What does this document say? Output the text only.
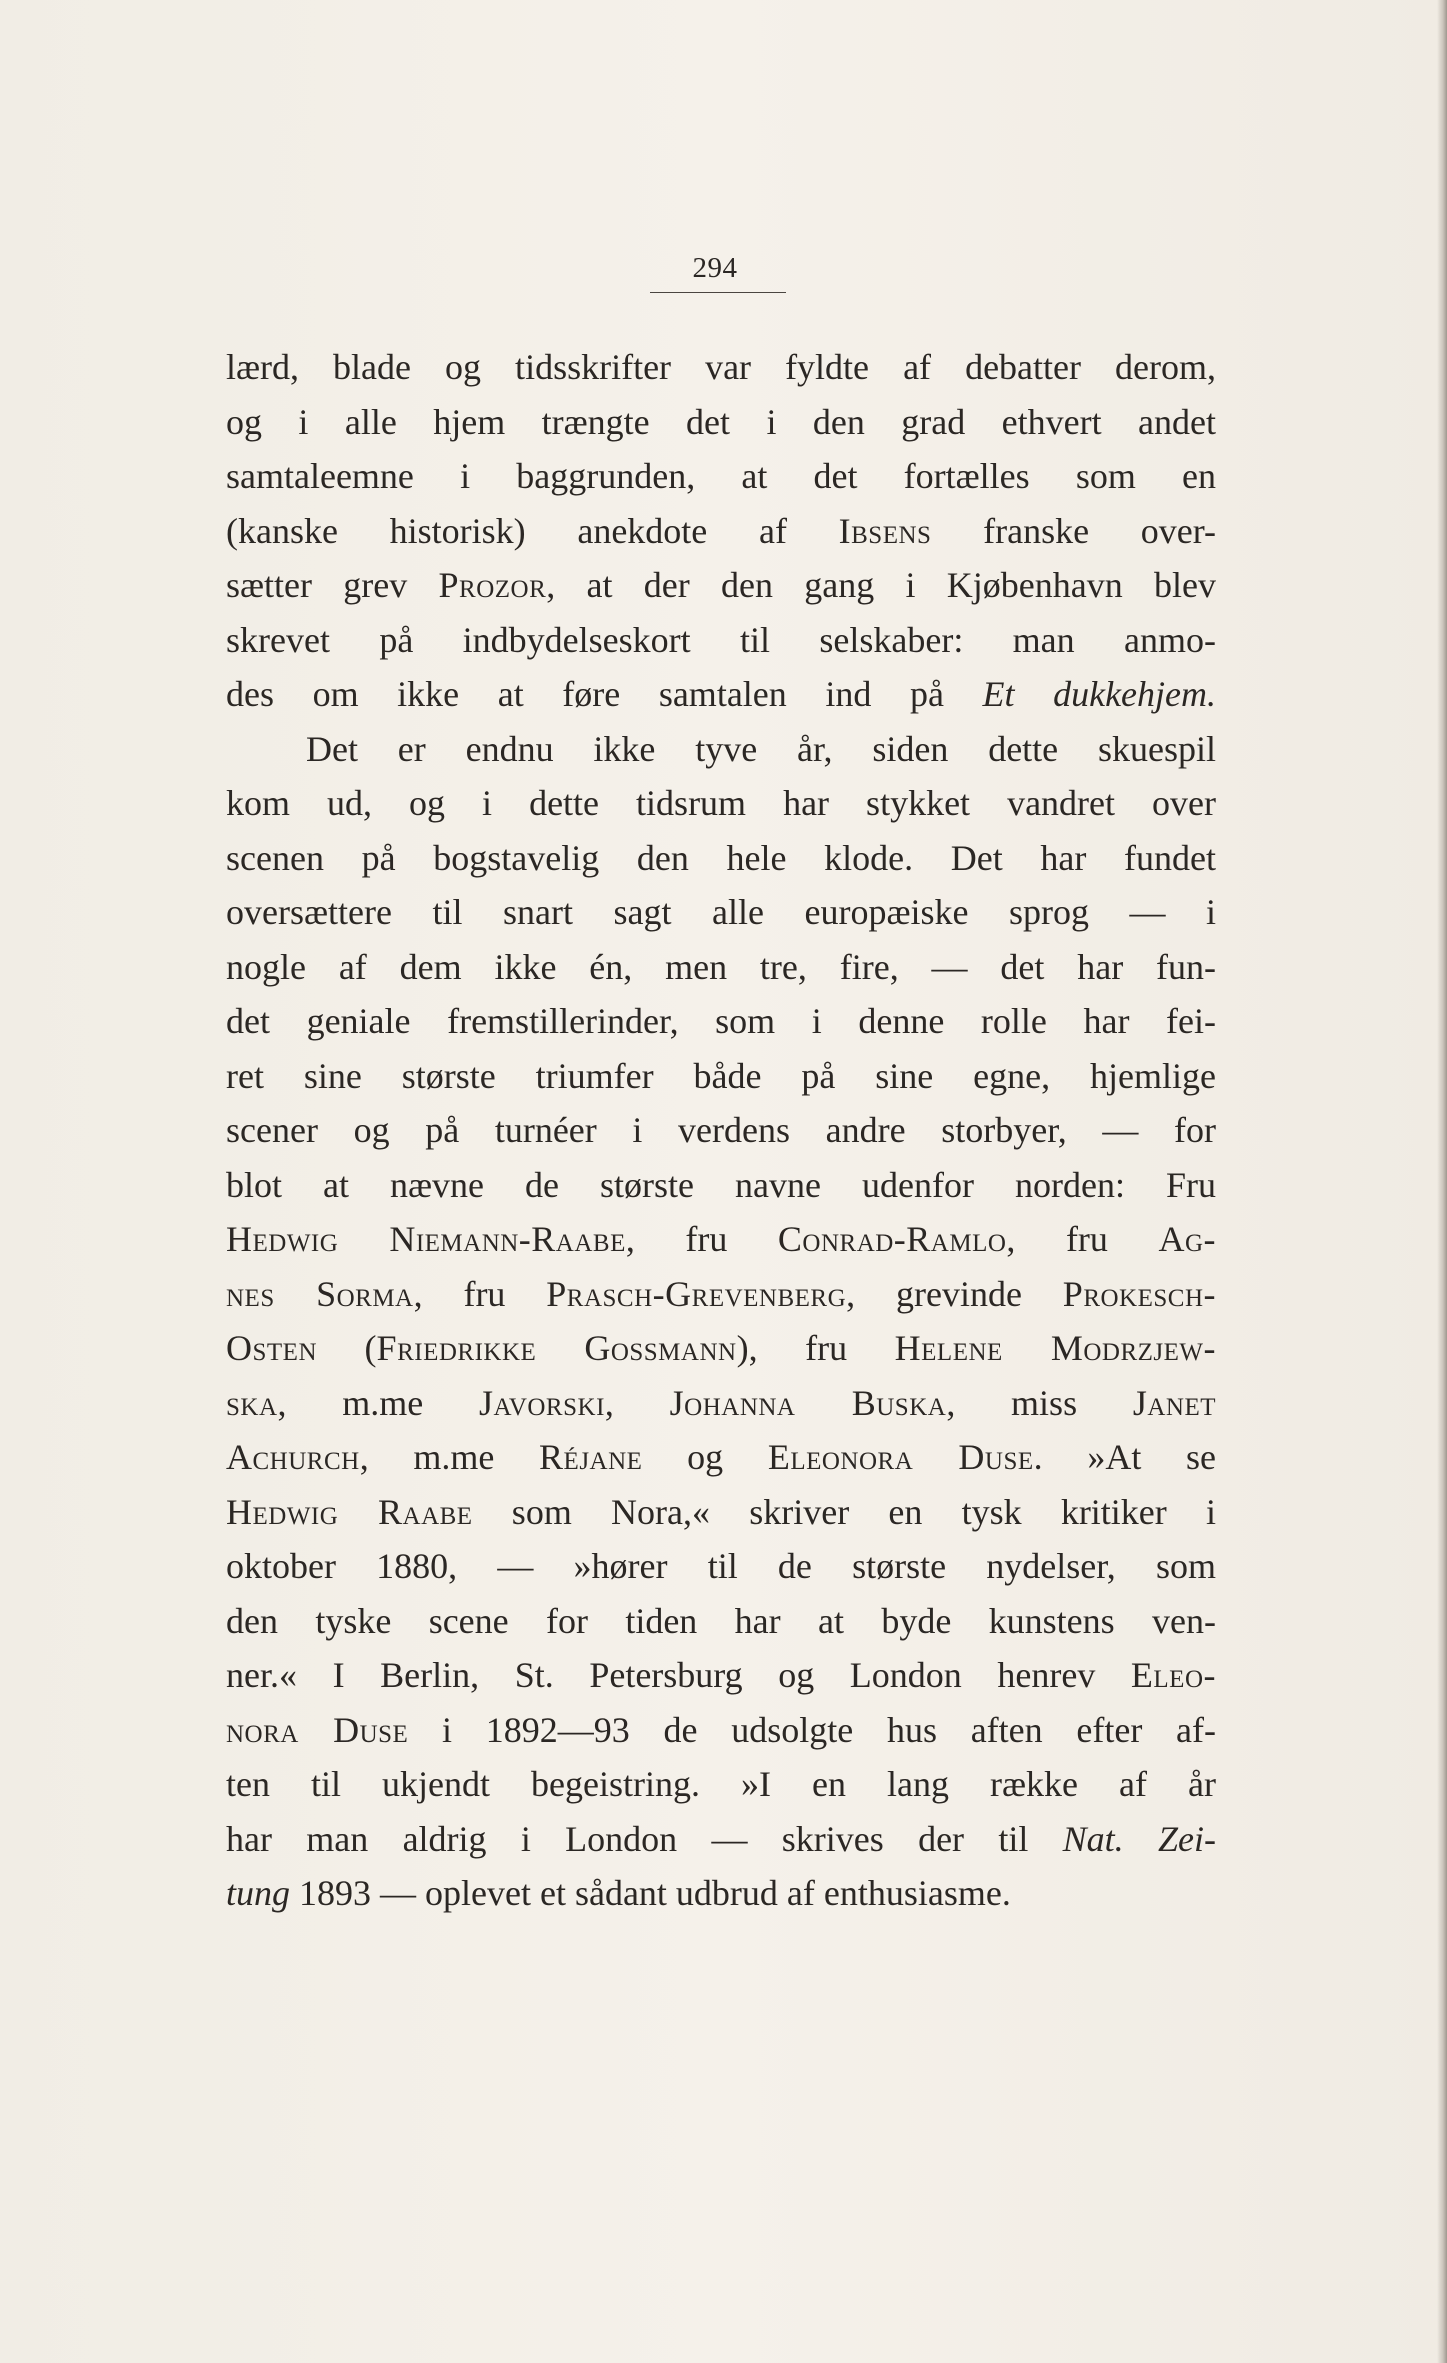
294
lærd, blade og tidsskrifter var fyldte af debatter derom,
og i alle hjem trængte det i den grad ethvert andet
samtaleemne i baggrunden, at det fortælles som en
(kanske historisk) anekdote af Ibsens franske over-
sætter grev Prozor, at der den gang i Kjøbenhavn blev
skrevet på indbydelseskort til selskaber: man anmo-
des om ikke at føre samtalen ind på Et dukkehjem.
Det er endnu ikke tyve år, siden dette skuespil
kom ud, og i dette tidsrum har stykket vandret over
scenen på bogstavelig den hele klode. Det har fundet
oversættere til snart sagt alle europæiske sprog — i
nogle af dem ikke én, men tre, fire, — det har fun-
det geniale fremstillerinder, som i denne rolle har fei-
ret sine største triumfer både på sine egne, hjemlige
scener og på turnéer i verdens andre storbyer, — for
blot at nævne de største navne udenfor norden: Fru
Hedwig Niemann-Raabe, fru Conrad-Ramlo, fru Ag-
nes Sorma, fru Prasch-Grevenberg, grevinde Prokesch-
Osten (Friedrikke Gossmann), fru Helene Modrzjew-
ska, m.me Javorski, Johanna Buska, miss Janet
Achurch, m.me Réjane og Eleonora Duse. »At se
Hedwig Raabe som Nora,« skriver en tysk kritiker i
oktober 1880, — »hører til de største nydelser, som
den tyske scene for tiden har at byde kunstens ven-
ner.« I Berlin, St. Petersburg og London henrev Eleo-
nora Duse i 1892—93 de udsolgte hus aften efter af-
ten til ukjendt begeistring. »I en lang række af år
har man aldrig i London — skrives der til Nat. Zei-
tung 1893 — oplevet et sådant udbrud af enthusiasme.
